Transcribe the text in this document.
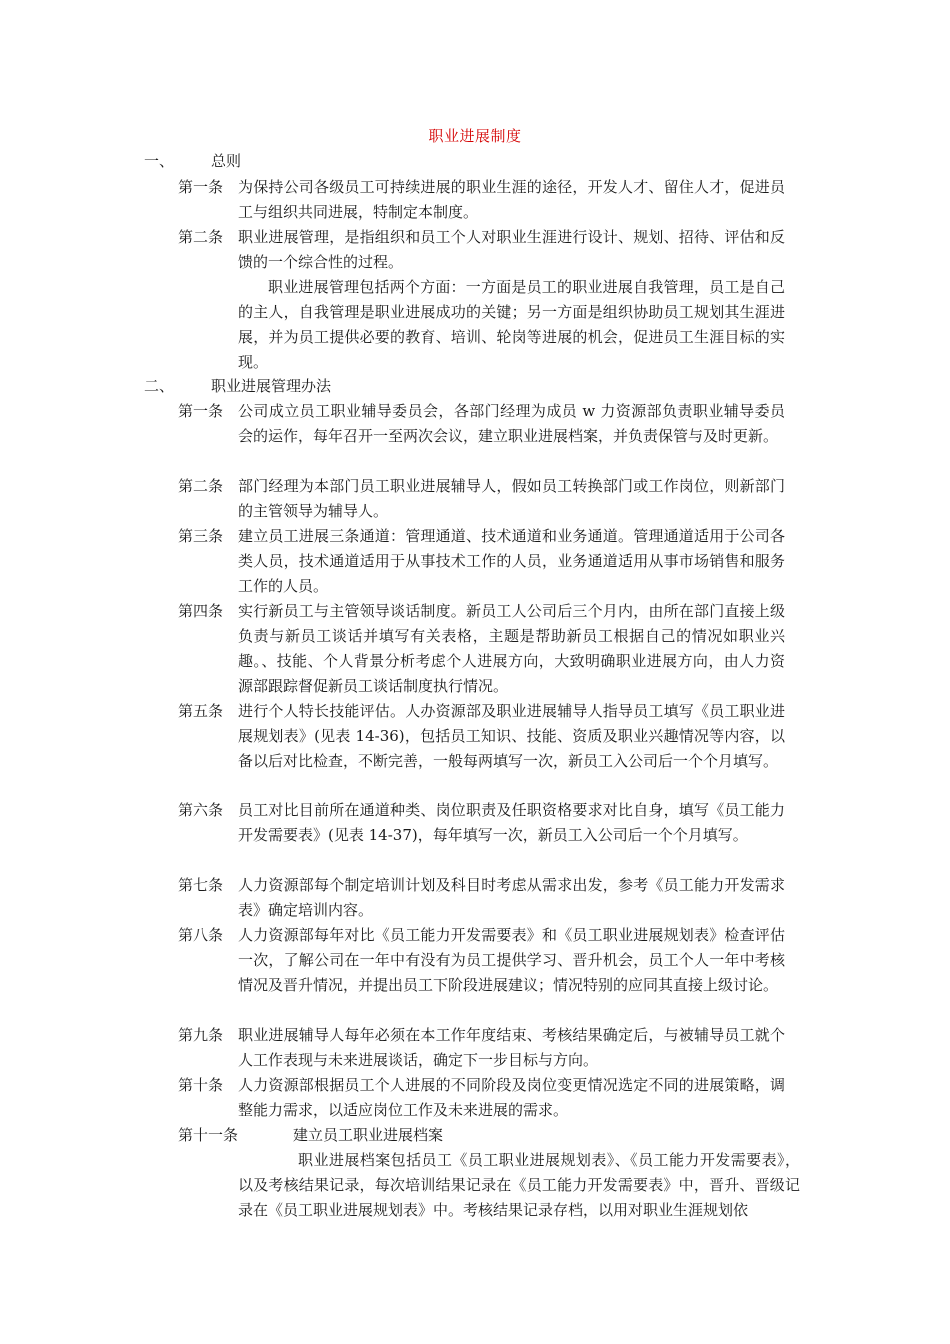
职业进展制度
一、 总则
第一条 为保持公司各级员工可持续进展的职业生涯的途径，开发人才、留住人才，促进员工与组织共同进展，特制定本制度。
第二条 职业进展管理，是指组织和员工个人对职业生涯进行设计、规划、招待、评估和反馈的一个综合性的过程。
职业进展管理包括两个方面：一方面是员工的职业进展自我管理，员工是自己的主人，自我管理是职业进展成功的关键；另一方面是组织协助员工规划其生涯进展，并为员工提供必要的教育、培训、轮岗等进展的机会，促进员工生涯目标的实现。
二、 职业进展管理办法
第一条 公司成立员工职业辅导委员会，各部门经理为成员 w 力资源部负责职业辅导委员会的运作，每年召开一至两次会议，建立职业进展档案，并负责保管与及时更新。
第二条 部门经理为本部门员工职业进展辅导人，假如员工转换部门或工作岗位，则新部门的主管领导为辅导人。
第三条 建立员工进展三条通道：管理通道、技术通道和业务通道。管理通道适用于公司各类人员，技术通道适用于从事技术工作的人员，业务通道适用从事市场销售和服务工作的人员。
第四条 实行新员工与主管领导谈话制度。新员工人公司后三个月内，由所在部门直接上级负责与新员工谈话并填写有关表格，主题是帮助新员工根据自己的情况如职业兴趣。、技能、个人背景分析考虑个人进展方向，大致明确职业进展方向，由人力资源部跟踪督促新员工谈话制度执行情况。
第五条 进行个人特长技能评估。人办资源部及职业进展辅导人指导员工填写《员工职业进展规划表》(见表 14-36)，包括员工知识、技能、资质及职业兴趣情况等内容，以备以后对比检查，不断完善，一般每两填写一次，新员工入公司后一个个月填写。
第六条 员工对比目前所在通道种类、岗位职责及任职资格要求对比自身，填写《员工能力开发需要表》(见表 14-37)，每年填写一次，新员工入公司后一个个月填写。
第七条 人力资源部每个制定培训计划及科目时考虑从需求出发，参考《员工能力开发需求表》确定培训内容。
第八条 人力资源部每年对比《员工能力开发需要表》和《员工职业进展规划表》检查评估一次，了解公司在一年中有没有为员工提供学习、晋升机会，员工个人一年中考核情况及晋升情况，并提出员工下阶段进展建议；情况特别的应同其直接上级讨论。
第九条 职业进展辅导人每年必须在本工作年度结束、考核结果确定后，与被辅导员工就个人工作表现与未来进展谈话，确定下一步目标与方向。
第十条 人力资源部根据员工个人进展的不同阶段及岗位变更情况选定不同的进展策略，调整能力需求，以适应岗位工作及未来进展的需求。
第十一条	建立员工职业进展档案
职业进展档案包括员工《员工职业进展规划表》、《员工能力开发需要表》，以及考核结果记录，每次培训结果记录在《员工能力开发需要表》中，晋升、晋级记录在《员工职业进展规划表》中。考核结果记录存档，以用对职业生涯规划依
